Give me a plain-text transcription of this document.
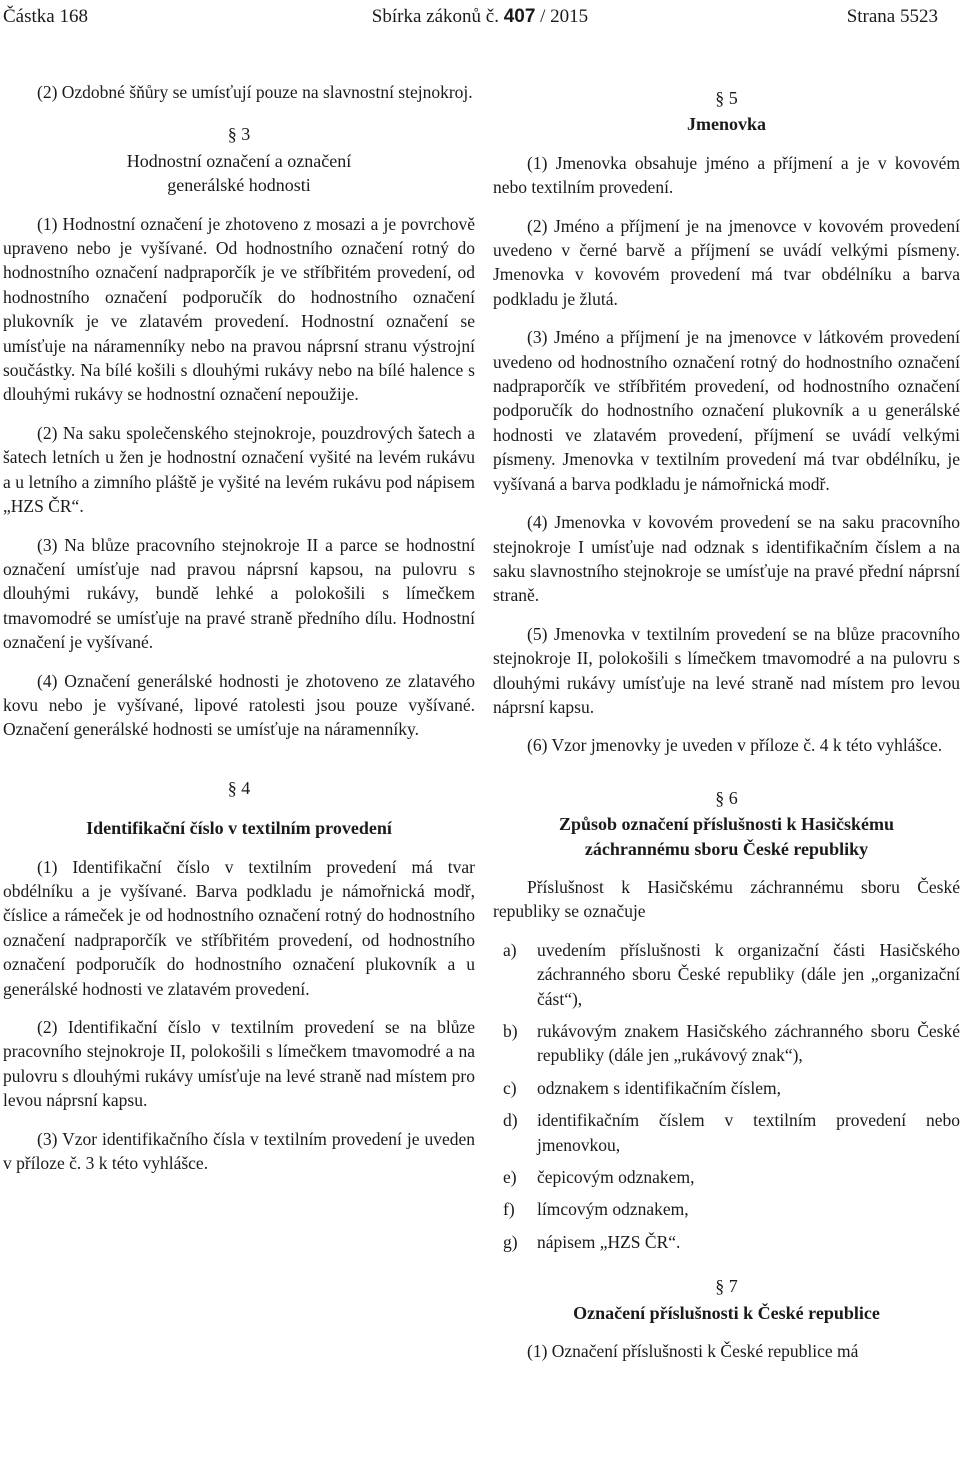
Částka 168	Sbírka zákonů č. 407 / 2015	Strana 5523

(2) Ozdobné šňůry se umísťují pouze na slavnostní stejnokroj.

§ 3
Hodnostní označení a označení
generálské hodnosti

(1) Hodnostní označení je zhotoveno z mosazi a je povrchově upraveno nebo je vyšívané. Od hodnostního označení rotný do hodnostního označení nadpraporčík je ve stříbřitém provedení, od hodnostního označení podporučík do hodnostního označení plukovník je ve zlatavém provedení. Hodnostní označení se umísťuje na náramenníky nebo na pravou náprsní stranu výstrojní součástky. Na bílé košili s dlouhými rukávy nebo na bílé halence s dlouhými rukávy se hodnostní označení nepoužije.

(2) Na saku společenského stejnokroje, pouzdrových šatech a šatech letních u žen je hodnostní označení vyšité na levém rukávu a u letního a zimního pláště je vyšité na levém rukávu pod nápisem „HZS ČR“.

(3) Na blůze pracovního stejnokroje II a parce se hodnostní označení umísťuje nad pravou náprsní kapsou, na pulovru s dlouhými rukávy, bundě lehké a polokošili s límečkem tmavomodré se umísťuje na pravé straně předního dílu. Hodnostní označení je vyšívané.

(4) Označení generálské hodnosti je zhotoveno ze zlatavého kovu nebo je vyšívané, lipové ratolesti jsou pouze vyšívané. Označení generálské hodnosti se umísťuje na náramenníky.

§ 4
Identifikační číslo v textilním provedení

(1) Identifikační číslo v textilním provedení má tvar obdélníku a je vyšívané. Barva podkladu je námořnická modř, číslice a rámeček je od hodnostního označení rotný do hodnostního označení nadpraporčík ve stříbřitém provedení, od hodnostního označení podporučík do hodnostního označení plukovník a u generálské hodnosti ve zlatavém provedení.

(2) Identifikační číslo v textilním provedení se na blůze pracovního stejnokroje II, polokošili s límečkem tmavomodré a na pulovru s dlouhými rukávy umísťuje na levé straně nad místem pro levou náprsní kapsu.

(3) Vzor identifikačního čísla v textilním provedení je uveden v příloze č. 3 k této vyhlášce.

§ 5
Jmenovka

(1) Jmenovka obsahuje jméno a příjmení a je v kovovém nebo textilním provedení.

(2) Jméno a příjmení je na jmenovce v kovovém provedení uvedeno v černé barvě a příjmení se uvádí velkými písmeny. Jmenovka v kovovém provedení má tvar obdélníku a barva podkladu je žlutá.

(3) Jméno a příjmení je na jmenovce v látkovém provedení uvedeno od hodnostního označení rotný do hodnostního označení nadpraporčík ve stříbřitém provedení, od hodnostního označení podporučík do hodnostního označení plukovník a u generálské hodnosti ve zlatavém provedení, příjmení se uvádí velkými písmeny. Jmenovka v textilním provedení má tvar obdélníku, je vyšívaná a barva podkladu je námořnická modř.

(4) Jmenovka v kovovém provedení se na saku pracovního stejnokroje I umísťuje nad odznak s identifikačním číslem a na saku slavnostního stejnokroje se umísťuje na pravé přední náprsní straně.

(5) Jmenovka v textilním provedení se na blůze pracovního stejnokroje II, polokošili s límečkem tmavomodré a na pulovru s dlouhými rukávy umísťuje na levé straně nad místem pro levou náprsní kapsu.

(6) Vzor jmenovky je uveden v příloze č. 4 k této vyhlášce.

§ 6
Způsob označení příslušnosti k Hasičskému
záchrannému sboru České republiky

Příslušnost k Hasičskému záchrannému sboru České republiky se označuje

a) uvedením příslušnosti k organizační části Hasičského záchranného sboru České republiky (dále jen „organizační část“),
b) rukávovým znakem Hasičského záchranného sboru České republiky (dále jen „rukávový znak“),
c) odznakem s identifikačním číslem,
d) identifikačním číslem v textilním provedení nebo jmenovkou,
e) čepicovým odznakem,
f) límcovým odznakem,
g) nápisem „HZS ČR“.
§ 7
Označení příslušnosti k České republice

(1) Označení příslušnosti k České republice má
